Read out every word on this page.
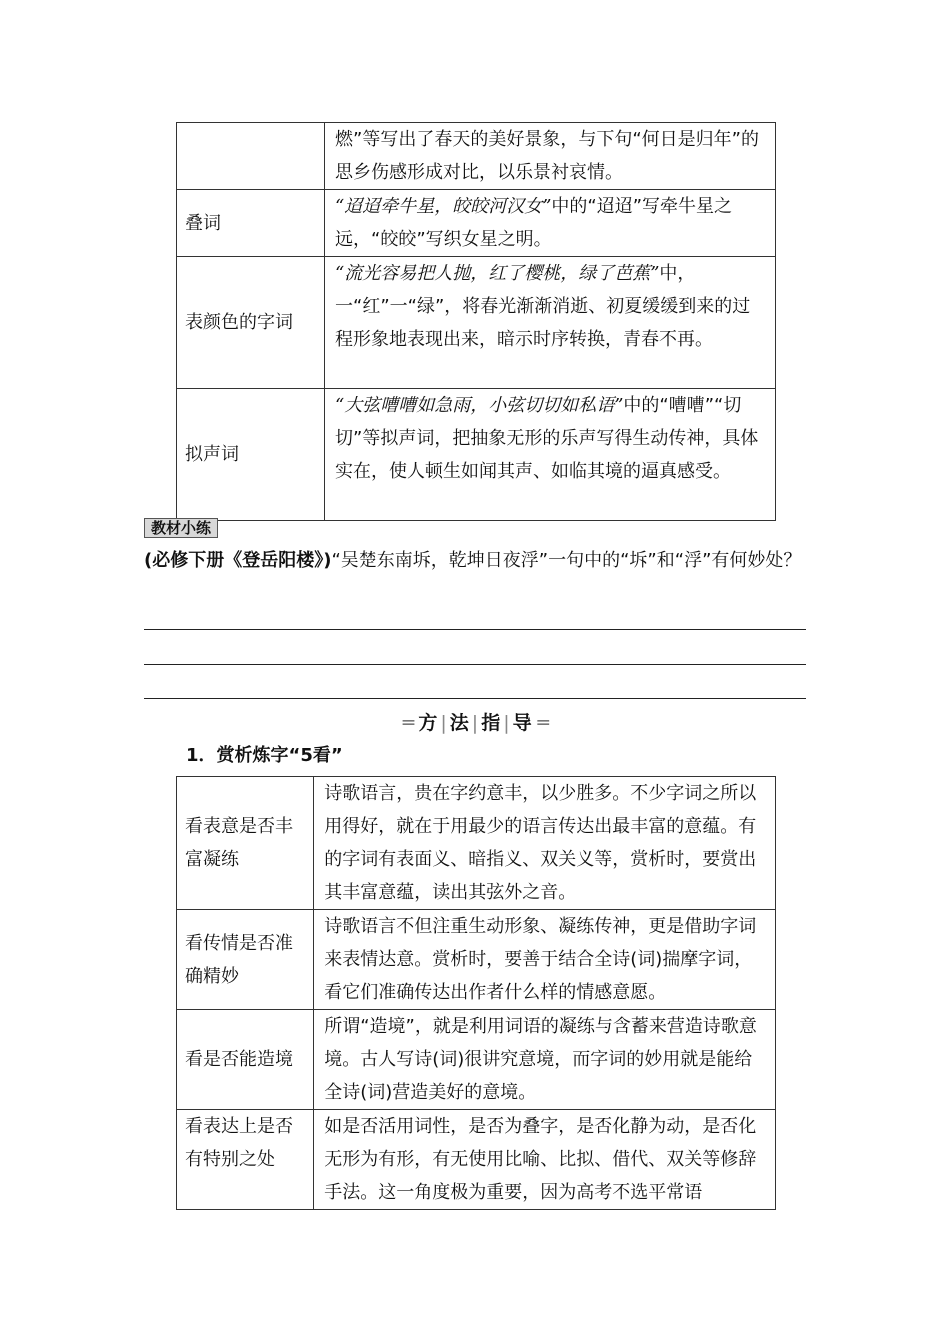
	燃”等写出了春天的美好景象，与下句“何日是归年”的思乡伤感形成对比，以乐景衬哀情。
叠词	“迢迢牵牛星，皎皎河汉女”中的“迢迢”写牵牛星之远，“皎皎”写织女星之明。
表颜色的字词	“流光容易把人抛，红了樱桃，绿了芭蕉”中，一“红”一“绿”，将春光渐渐消逝、初夏缓缓到来的过程形象地表现出来，暗示时序转换，青春不再。
拟声词	“大弦嘈嘈如急雨，小弦切切如私语”中的“嘈嘈”“切切”等拟声词，把抽象无形的乐声写得生动传神，具体实在，使人顿生如闻其声、如临其境的逼真感受。
教材小练
(必修下册《登岳阳楼》)“吴楚东南坼，乾坤日夜浮”一句中的“坼”和“浮”有何妙处？
═ 方 | 法 | 指 | 导 ═
1．赏析炼字“5看”
看表意是否丰富凝练	诗歌语言，贵在字约意丰，以少胜多。不少字词之所以用得好，就在于用最少的语言传达出最丰富的意蕴。有的字词有表面义、暗指义、双关义等，赏析时，要赏出其丰富意蕴，读出其弦外之音。
看传情是否准确精妙	诗歌语言不但注重生动形象、凝练传神，更是借助字词来表情达意。赏析时，要善于结合全诗(词)揣摩字词，看它们准确传达出作者什么样的情感意愿。
看是否能造境	所谓“造境”，就是利用词语的凝练与含蓄来营造诗歌意境。古人写诗(词)很讲究意境，而字词的妙用就是能给全诗(词)营造美好的意境。
看表达上是否有特别之处	如是否活用词性，是否为叠字，是否化静为动，是否化无形为有形，有无使用比喻、比拟、借代、双关等修辞手法。这一角度极为重要，因为高考不选平常语
